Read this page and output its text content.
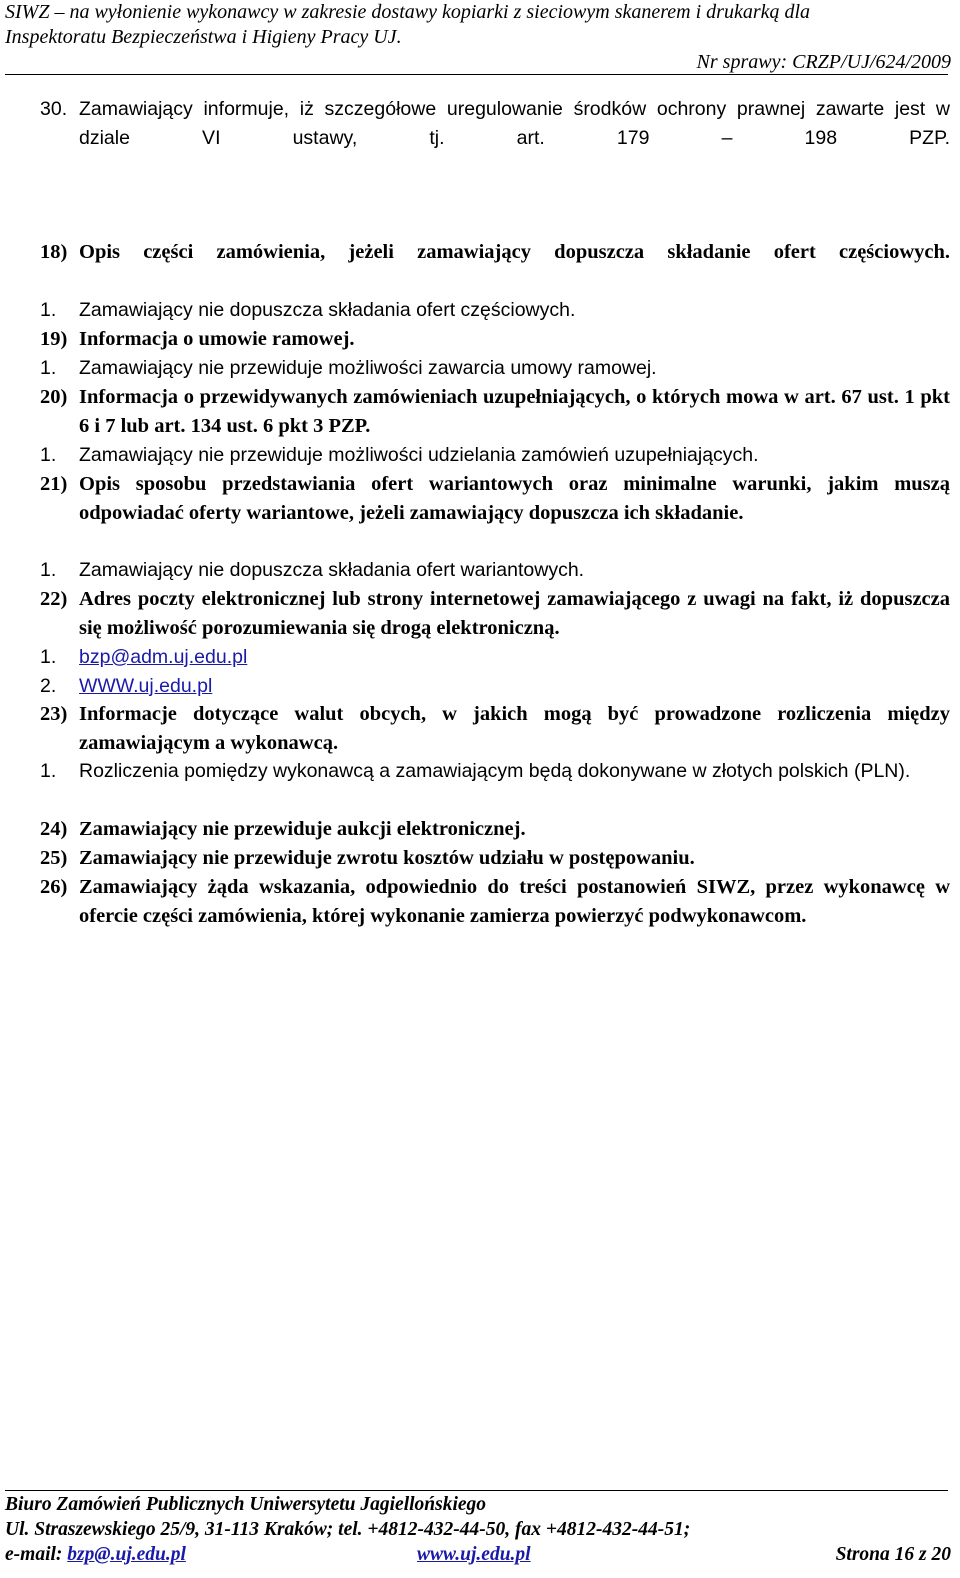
SIWZ – na wyłonienie wykonawcy w zakresie dostawy kopiarki z sieciowym skanerem i drukarką dla
Inspektoratu Bezpieczeństwa i Higieny Pracy UJ.
Nr sprawy: CRZP/UJ/624/2009
30. Zamawiający informuje, iż szczegółowe uregulowanie środków ochrony prawnej zawarte jest w dziale VI ustawy, tj. art. 179 – 198 PZP.
18) Opis części zamówienia, jeżeli zamawiający dopuszcza składanie ofert częściowych.
1. Zamawiający nie dopuszcza składania ofert częściowych.
19) Informacja o umowie ramowej.
1. Zamawiający nie przewiduje możliwości zawarcia umowy ramowej.
20) Informacja o przewidywanych zamówieniach uzupełniających, o których mowa w art. 67 ust. 1 pkt 6 i 7 lub art. 134 ust. 6 pkt 3 PZP.
1. Zamawiający nie przewiduje możliwości udzielania zamówień uzupełniających.
21) Opis sposobu przedstawiania ofert wariantowych oraz minimalne warunki, jakim muszą odpowiadać oferty wariantowe, jeżeli zamawiający dopuszcza ich składanie.
1. Zamawiający nie dopuszcza składania ofert wariantowych.
22) Adres poczty elektronicznej lub strony internetowej zamawiającego z uwagi na fakt, iż dopuszcza się możliwość porozumiewania się drogą elektroniczną.
1. bzp@adm.uj.edu.pl
2. WWW.uj.edu.pl
23) Informacje dotyczące walut obcych, w jakich mogą być prowadzone rozliczenia między zamawiającym a wykonawcą.
1. Rozliczenia pomiędzy wykonawcą a zamawiającym będą dokonywane w złotych polskich (PLN).
24) Zamawiający nie przewiduje aukcji elektronicznej.
25) Zamawiający nie przewiduje zwrotu kosztów udziału w postępowaniu.
26) Zamawiający żąda wskazania, odpowiednio do treści postanowień SIWZ, przez wykonawcę w ofercie części zamówienia, której wykonanie zamierza powierzyć podwykonawcom.
Biuro Zamówień Publicznych Uniwersytetu Jagiellońskiego
Ul. Straszewskiego 25/9, 31-113 Kraków; tel. +4812-432-44-50, fax +4812-432-44-51;
e-mail: bzp@.uj.edu.pl	www.uj.edu.pl	Strona 16 z 20
